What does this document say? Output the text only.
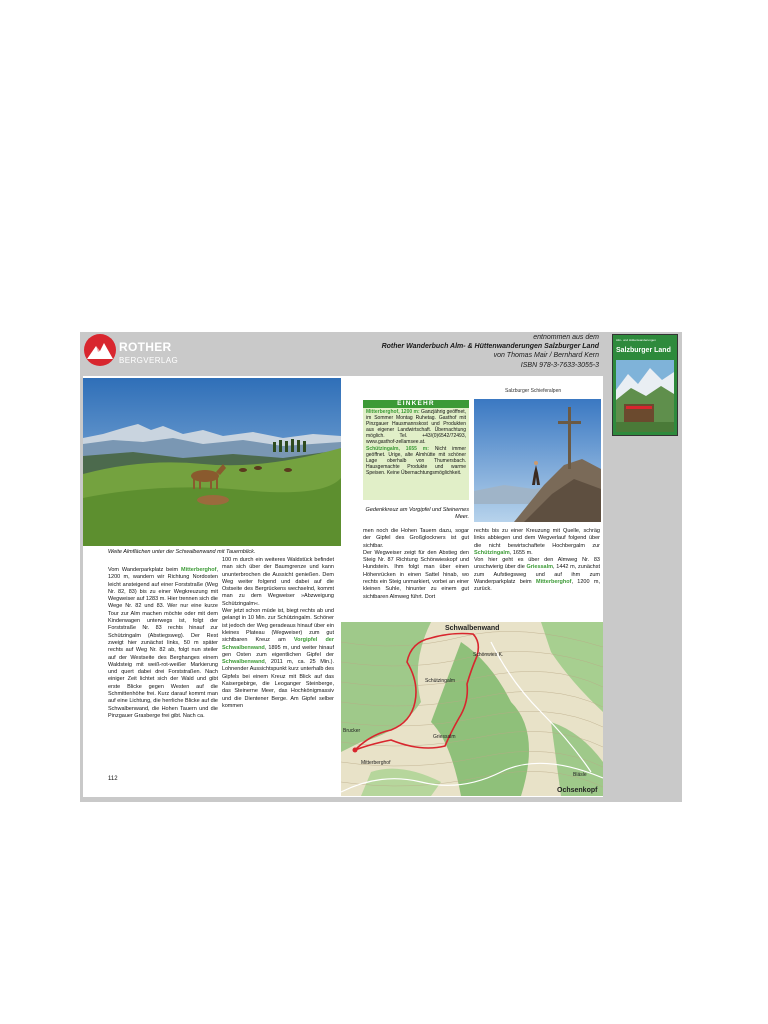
ROTHER
BERGVERLAG
entnommen aus dem
Rother Wanderbuch Alm- & Hüttenwanderungen Salzburger Land
von Thomas Mair / Bernhard Kern
ISBN 978-3-7633-3055-3
Alm- und Hüttenwanderungen
Salzburger Land
Weite Almflächen unter der Schwalbenwand mit Tauernblick.

Vom Wanderparkplatz beim Mitterberghof, 1200 m, wandern wir Richtung Nordosten leicht ansteigend auf einer Forststraße (Weg Nr. 82, 83) bis zu einer Wegkreuzung mit Wegweiser auf 1283 m. Hier trennen sich die Wege Nr. 82 und 83. Wer nur eine kurze Tour zur Alm machen möchte oder mit dem Kinderwagen unterwegs ist, folgt der Forststraße Nr. 83 rechts hinauf zur Schützingalm (Abstiegsweg). Der Rest zweigt hier zunächst links, 50 m später rechts auf Weg Nr. 82 ab, folgt nun steiler auf der Westseite des Berghanges einem Waldsteig mit weiß-rot-weißer Markierung und quert dabei drei Forststraßen. Nach einiger Zeit lichtet sich der Wald und gibt erste Blicke gegen Westen auf die Schmittenhöhe frei. Kurz darauf kommt man auf eine Lichtung, die herrliche Blicke auf die Schwalbenwand, die Hohen Tauern und die Pinzgauer Grasberge frei gibt. Nach ca.

100 m durch ein weiteres Waldstück befindet man sich über der Baumgrenze und kann ununterbrochen die Aussicht genießen. Dem Weg weiter folgend und dabei auf die Ostseite des Bergrückens wechselnd, kommt man zu dem Wegweiser »Abzweigung Schützingalm«.

Wer jetzt schon müde ist, biegt rechts ab und gelangt in 10 Min. zur Schützingalm. Schöner ist jedoch der Weg geradeaus hinauf über ein kleines Plateau (Wegweiser) zum gut sichtbaren Kreuz am Vorgipfel der Schwalbenwand, 1895 m, und weiter hinauf gen Osten zum eigentlichen Gipfel der Schwalbenwand, 2011 m, ca. 25 Min.). Lohnender Aussichtspunkt kurz unterhalb des Gipfels bei einem Kreuz mit Blick auf das Kaisergebirge, die Leoganger Steinberge, das Steinerne Meer, das Hochkönigmassiv und die Dientener Berge. Am Gipfel selber kommen

EINKEHR

Mitterberghof, 1200 m: Ganzjährig geöffnet, im Sommer Montag Ruhetag. Gasthof mit Pinzgauer Hausmannskost und Produkten aus eigener Landwirtschaft. Übernachtung möglich. Tel. +43/(0)6542/72493, www.gasthof-zellamsee.at.

Schützingalm, 1655 m: Nicht immer geöffnet. Urige, alte Almhütte mit schöner Lage oberhalb von Thumersbach. Hausgemachte Produkte und warme Speisen. Keine Übernachtungsmöglichkeit.

Salzburger Schieferalpen
Gedenkkreuz am Vorgipfel und Steinernes Meer.

men noch die Hohen Tauern dazu, sogar der Gipfel des Großglockners ist gut sichtbar.

Der Wegweiser zeigt für den Abstieg den Steig Nr. 87 Richtung Schönwieskopf und Hundstein. Ihm folgt man über einen Höhenrücken in einen Sattel hinab, wo rechts ein Steig unmarkiert, vorbei an einer kleinen Suhle, hinunter zu einem gut sichtbaren Almweg führt. Dort

rechts bis zu einer Kreuzung mit Quelle, schräg links abbiegen und dem Wegverlauf folgend über die nicht bewirtschaftete Hochbergalm zur Schützingalm, 1655 m.

Von hier geht es über den Almweg Nr. 83 unschwierig über die Griessalm, 1442 m, zunächst zum Aufstiegsweg und auf ihm zum Wanderparkplatz beim Mitterberghof, 1200 m, zurück.

Schwalbenwand
Schönwies K.
Ochsenkopf
Bläsle
Griessalm
Schützingalm
Mitterberghof
Brucker
112
